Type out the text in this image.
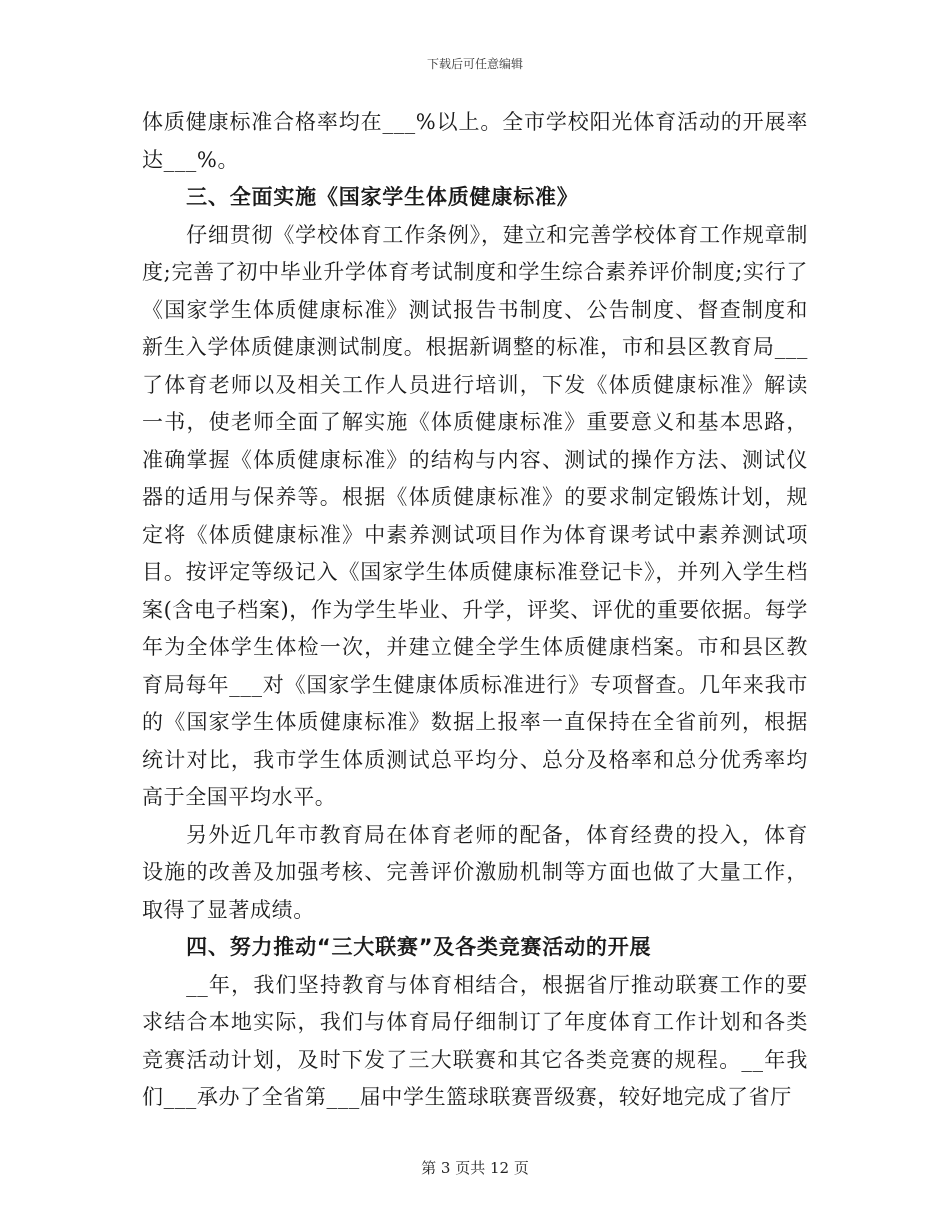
下载后可任意编辑

体质健康标准合格率均在___%以上。全市学校阳光体育活动的开展率达___%。

三、全面实施《国家学生体质健康标准》

仔细贯彻《学校体育工作条例》，建立和完善学校体育工作规章制度;完善了初中毕业升学体育考试制度和学生综合素养评价制度;实行了《国家学生体质健康标准》测试报告书制度、公告制度、督查制度和新生入学体质健康测试制度。根据新调整的标准，市和县区教育局___了体育老师以及相关工作人员进行培训，下发《体质健康标准》解读一书，使老师全面了解实施《体质健康标准》重要意义和基本思路，准确掌握《体质健康标准》的结构与内容、测试的操作方法、测试仪器的适用与保养等。根据《体质健康标准》的要求制定锻炼计划，规定将《体质健康标准》中素养测试项目作为体育课考试中素养测试项目。按评定等级记入《国家学生体质健康标准登记卡》，并列入学生档案(含电子档案)，作为学生毕业、升学，评奖、评优的重要依据。每学年为全体学生体检一次，并建立健全学生体质健康档案。市和县区教育局每年___对《国家学生健康体质标准进行》专项督查。几年来我市的《国家学生体质健康标准》数据上报率一直保持在全省前列，根据统计对比，我市学生体质测试总平均分、总分及格率和总分优秀率均高于全国平均水平。

另外近几年市教育局在体育老师的配备，体育经费的投入，体育设施的改善及加强考核、完善评价激励机制等方面也做了大量工作，取得了显著成绩。

四、努力推动“三大联赛”及各类竞赛活动的开展

__年，我们坚持教育与体育相结合，根据省厅推动联赛工作的要求结合本地实际，我们与体育局仔细制订了年度体育工作计划和各类竞赛活动计划，及时下发了三大联赛和其它各类竞赛的规程。__年我们___承办了全省第___届中学生篮球联赛晋级赛，较好地完成了省厅

第 3 页共 12 页
